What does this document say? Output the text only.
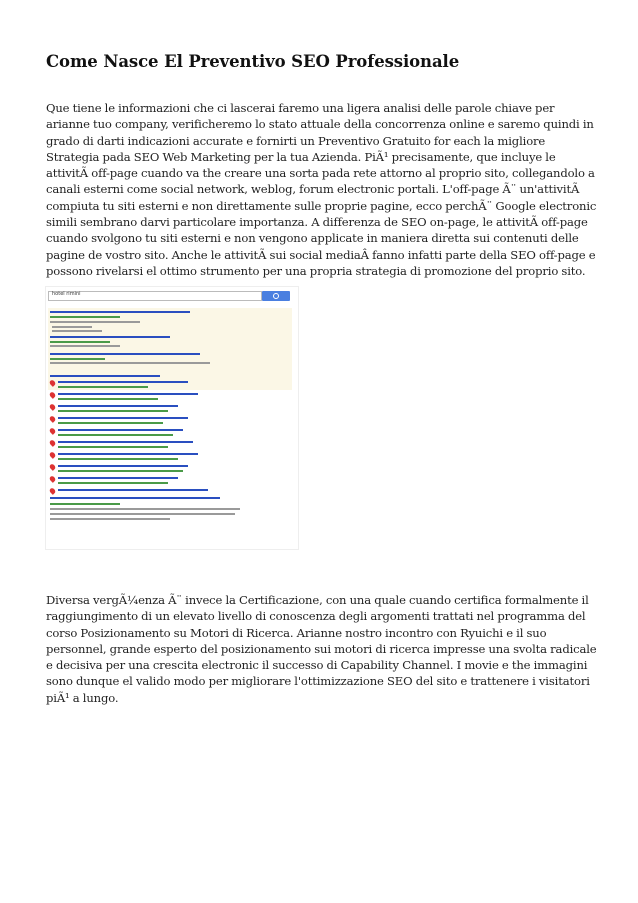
Come Nasce El Preventivo SEO Professionale

Que tiene le informazioni che ci lascerai faremo una ligera analisi delle parole chiave per arianne tuo company, verificheremo lo stato attuale della concorrenza online e saremo quindi in grado di darti indicazioni accurate e fornirti un Preventivo Gratuito for each la migliore Strategia pada SEO Web Marketing per la tua Azienda. PiÃ¹ precisamente, que incluye le attivitÃ off-page cuando va the creare una sorta pada rete attorno al proprio sito, collegandolo a canali esterni come social network, weblog, forum electronic portali. L'off-page Ã¨ un'attivitÃ compiuta tu siti esterni e non direttamente sulle proprie pagine, ecco perchÃ¨ Google electronic simili sembrano darvi particolare importanza. A differenza de SEO on-page, le attivitÃ off-page cuando svolgono tu siti esterni e non vengono applicate in maniera diretta sui contenuti delle pagine de vostro sito. Anche le attivitÃ sui social mediaÂ fanno infatti parte della SEO off-page e possono rivelarsi el ottimo strumento per una propria strategia di promozione del proprio sito.

hotel rimini

Diversa vergÃ¼enza Ã¨ invece la Certificazione, con una quale cuando certifica formalmente il raggiungimento di un elevato livello di conoscenza degli argomenti trattati nel programma del corso Posizionamento su Motori di Ricerca. Arianne nostro incontro con Ryuichi e il suo personnel, grande esperto del posizionamento sui motori di ricerca impresse una svolta radicale e decisiva per una crescita electronic il successo di Capability Channel. I movie e the immagini sono dunque el valido modo per migliorare l'ottimizzazione SEO del sito e trattenere i visitatori piÃ¹ a lungo.
